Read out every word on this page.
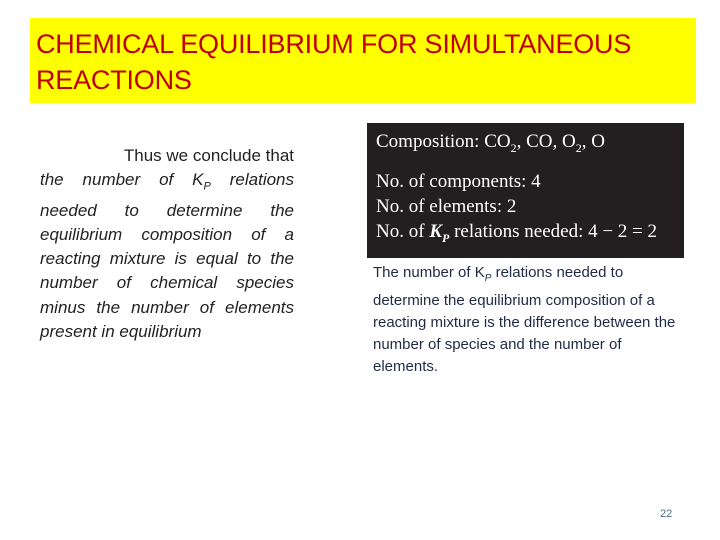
CHEMICAL EQUILIBRIUM FOR SIMULTANEOUS
REACTIONS
Thus we conclude that
the number of $K_P$ relations needed to determine the equilibrium composition of a reacting mixture is equal to the number of chemical species minus the number of elements present in equilibrium
Composition: $CO_2$, CO, $O_2$, O
No. of components: 4
No. of elements: 2
No. of $K_P$ relations needed: 4 − 2 = 2
The number of $K_P$ relations needed to determine the equilibrium composition of a reacting mixture is the difference between the number of species and the number of elements.
22
